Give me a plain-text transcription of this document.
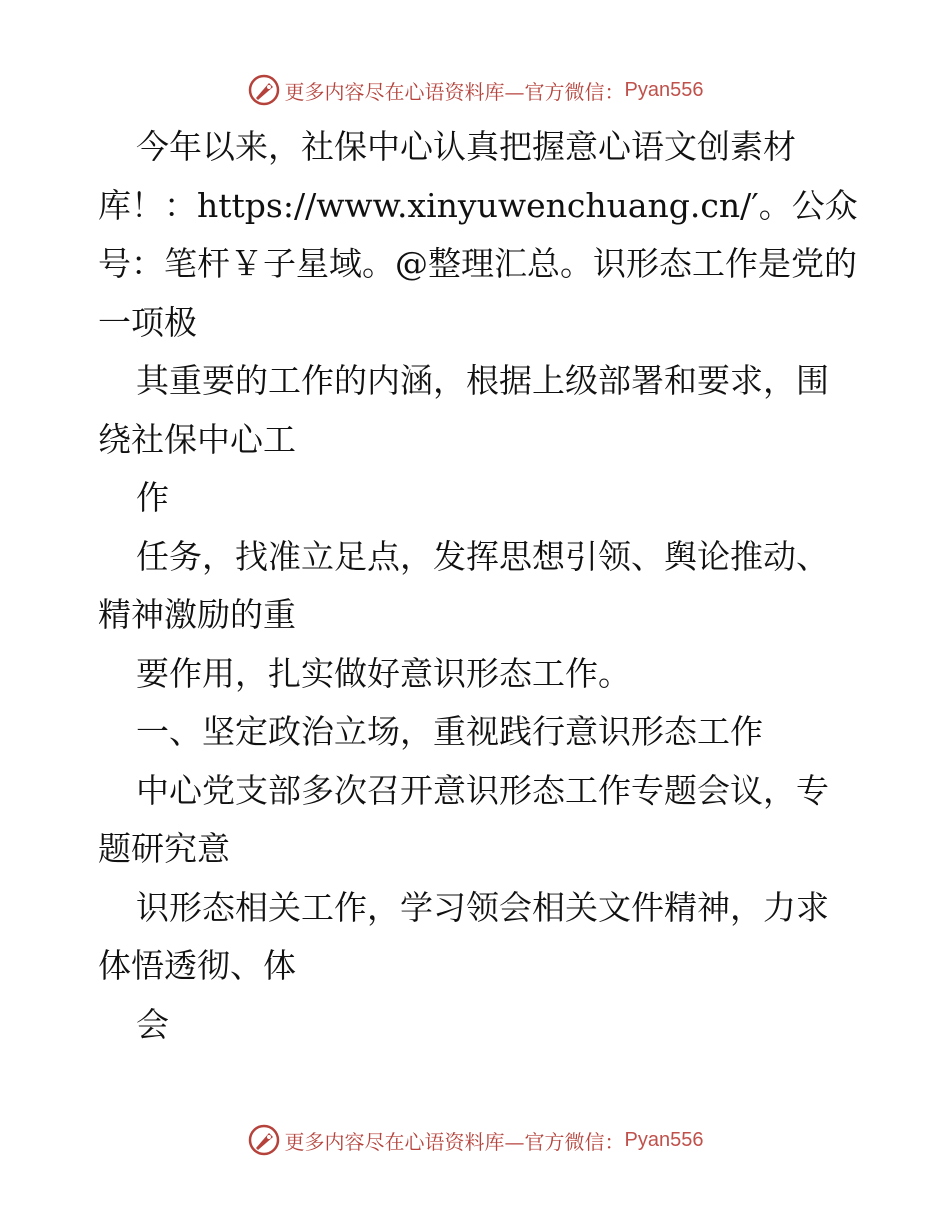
更多内容尽在心语资料库—官方微信： Pyan556

今年以来，社保中心认真把握意心语文创素材库！：https://www.xinyuwenchuang.cn/′。公众号：笔杆￥子星域。@整理汇总。识形态工作是党的一项极

其重要的工作的内涵，根据上级部署和要求，围绕社保中心工

作

任务，找准立足点，发挥思想引领、舆论推动、精神激励的重

要作用，扎实做好意识形态工作。

一、坚定政治立场，重视践行意识形态工作

中心党支部多次召开意识形态工作专题会议，专题研究意

识形态相关工作，学习领会相关文件精神，力求体悟透彻、体

会

更多内容尽在心语资料库—官方微信： Pyan556
